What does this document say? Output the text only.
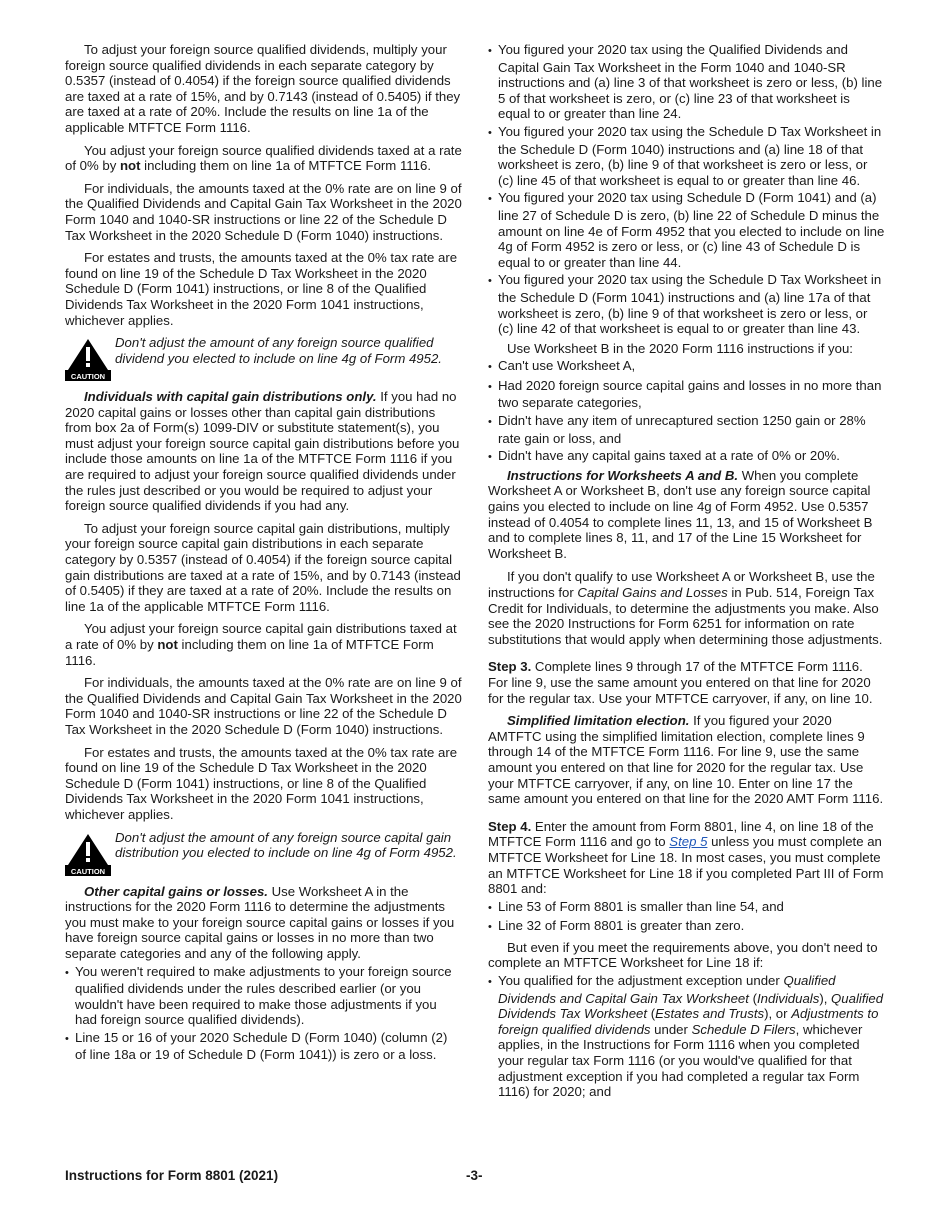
To adjust your foreign source qualified dividends, multiply your foreign source qualified dividends in each separate category by 0.5357 (instead of 0.4054) if the foreign source qualified dividends are taxed at a rate of 15%, and by 0.7143 (instead of 0.5405) if they are taxed at a rate of 20%. Include the results on line 1a of the applicable MTFTCE Form 1116.

You adjust your foreign source qualified dividends taxed at a rate of 0% by not including them on line 1a of MTFTCE Form 1116.

For individuals, the amounts taxed at the 0% rate are on line 9 of the Qualified Dividends and Capital Gain Tax Worksheet in the 2020 Form 1040 and 1040-SR instructions or line 22 of the Schedule D Tax Worksheet in the 2020 Schedule D (Form 1040) instructions.

For estates and trusts, the amounts taxed at the 0% tax rate are found on line 19 of the Schedule D Tax Worksheet in the 2020 Schedule D (Form 1041) instructions, or line 8 of the Qualified Dividends Tax Worksheet in the 2020 Form 1041 instructions, whichever applies.

CAUTION
Don't adjust the amount of any foreign source qualified dividend you elected to include on line 4g of Form 4952.

Individuals with capital gain distributions only. If you had no 2020 capital gains or losses other than capital gain distributions from box 2a of Form(s) 1099-DIV or substitute statement(s), you must adjust your foreign source capital gain distributions before you include those amounts on line 1a of the MTFTCE Form 1116 if you are required to adjust your foreign source qualified dividends under the rules just described or you would be required to adjust your foreign source qualified dividends if you had any.

To adjust your foreign source capital gain distributions, multiply your foreign source capital gain distributions in each separate category by 0.5357 (instead of 0.4054) if the foreign source capital gain distributions are taxed at a rate of 15%, and by 0.7143 (instead of 0.5405) if they are taxed at a rate of 20%. Include the results on line 1a of the applicable MTFTCE Form 1116.

You adjust your foreign source capital gain distributions taxed at a rate of 0% by not including them on line 1a of MTFTCE Form 1116.

For individuals, the amounts taxed at the 0% rate are on line 9 of the Qualified Dividends and Capital Gain Tax Worksheet in the 2020 Form 1040 and 1040-SR instructions or line 22 of the Schedule D Tax Worksheet in the 2020 Schedule D (Form 1040) instructions.

For estates and trusts, the amounts taxed at the 0% tax rate are found on line 19 of the Schedule D Tax Worksheet in the 2020 Schedule D (Form 1041) instructions, or line 8 of the Qualified Dividends Tax Worksheet in the 2020 Form 1041 instructions, whichever applies.

CAUTION
Don't adjust the amount of any foreign source capital gain distribution you elected to include on line 4g of Form 4952.

Other capital gains or losses. Use Worksheet A in the instructions for the 2020 Form 1116 to determine the adjustments you must make to your foreign source capital gains or losses if you have foreign source capital gains or losses in no more than two separate categories and any of the following apply.

• You weren't required to make adjustments to your foreign source qualified dividends under the rules described earlier (or you wouldn't have been required to make those adjustments if you had foreign source qualified dividends).

• Line 15 or 16 of your 2020 Schedule D (Form 1040) (column (2) of line 18a or 19 of Schedule D (Form 1041)) is zero or a loss.

• You figured your 2020 tax using the Qualified Dividends and Capital Gain Tax Worksheet in the Form 1040 and 1040-SR instructions and (a) line 3 of that worksheet is zero or less, (b) line 5 of that worksheet is zero, or (c) line 23 of that worksheet is equal to or greater than line 24.

• You figured your 2020 tax using the Schedule D Tax Worksheet in the Schedule D (Form 1040) instructions and (a) line 18 of that worksheet is zero, (b) line 9 of that worksheet is zero or less, or (c) line 45 of that worksheet is equal to or greater than line 46.

• You figured your 2020 tax using Schedule D (Form 1041) and (a) line 27 of Schedule D is zero, (b) line 22 of Schedule D minus the amount on line 4e of Form 4952 that you elected to include on line 4g of Form 4952 is zero or less, or (c) line 43 of Schedule D is equal to or greater than line 44.

• You figured your 2020 tax using the Schedule D Tax Worksheet in the Schedule D (Form 1041) instructions and (a) line 17a of that worksheet is zero, (b) line 9 of that worksheet is zero or less, or (c) line 42 of that worksheet is equal to or greater than line 43.

Use Worksheet B in the 2020 Form 1116 instructions if you:

• Can't use Worksheet A,

• Had 2020 foreign source capital gains and losses in no more than two separate categories,

• Didn't have any item of unrecaptured section 1250 gain or 28% rate gain or loss, and

• Didn't have any capital gains taxed at a rate of 0% or 20%.

Instructions for Worksheets A and B. When you complete Worksheet A or Worksheet B, don't use any foreign source capital gains you elected to include on line 4g of Form 4952. Use 0.5357 instead of 0.4054 to complete lines 11, 13, and 15 of Worksheet B and to complete lines 8, 11, and 17 of the Line 15 Worksheet for Worksheet B.

If you don't qualify to use Worksheet A or Worksheet B, use the instructions for Capital Gains and Losses in Pub. 514, Foreign Tax Credit for Individuals, to determine the adjustments you make. Also see the 2020 Instructions for Form 6251 for information on rate substitutions that would apply when determining those adjustments.

Step 3. Complete lines 9 through 17 of the MTFTCE Form 1116. For line 9, use the same amount you entered on that line for 2020 for the regular tax. Use your MTFTCE carryover, if any, on line 10.

Simplified limitation election. If you figured your 2020 AMTFTC using the simplified limitation election, complete lines 9 through 14 of the MTFTCE Form 1116. For line 9, use the same amount you entered on that line for 2020 for the regular tax. Use your MTFTCE carryover, if any, on line 10. Enter on line 17 the same amount you entered on that line for the 2020 AMT Form 1116.

Step 4. Enter the amount from Form 8801, line 4, on line 18 of the MTFTCE Form 1116 and go to Step 5 unless you must complete an MTFTCE Worksheet for Line 18. In most cases, you must complete an MTFTCE Worksheet for Line 18 if you completed Part III of Form 8801 and:

• Line 53 of Form 8801 is smaller than line 54, and

• Line 32 of Form 8801 is greater than zero.

But even if you meet the requirements above, you don't need to complete an MTFTCE Worksheet for Line 18 if:

• You qualified for the adjustment exception under Qualified Dividends and Capital Gain Tax Worksheet (Individuals), Qualified Dividends Tax Worksheet (Estates and Trusts), or Adjustments to foreign qualified dividends under Schedule D Filers, whichever applies, in the Instructions for Form 1116 when you completed your regular tax Form 1116 (or you would've qualified for that adjustment exception if you had completed a regular tax Form 1116) for 2020; and

Instructions for Form 8801 (2021)	-3-
